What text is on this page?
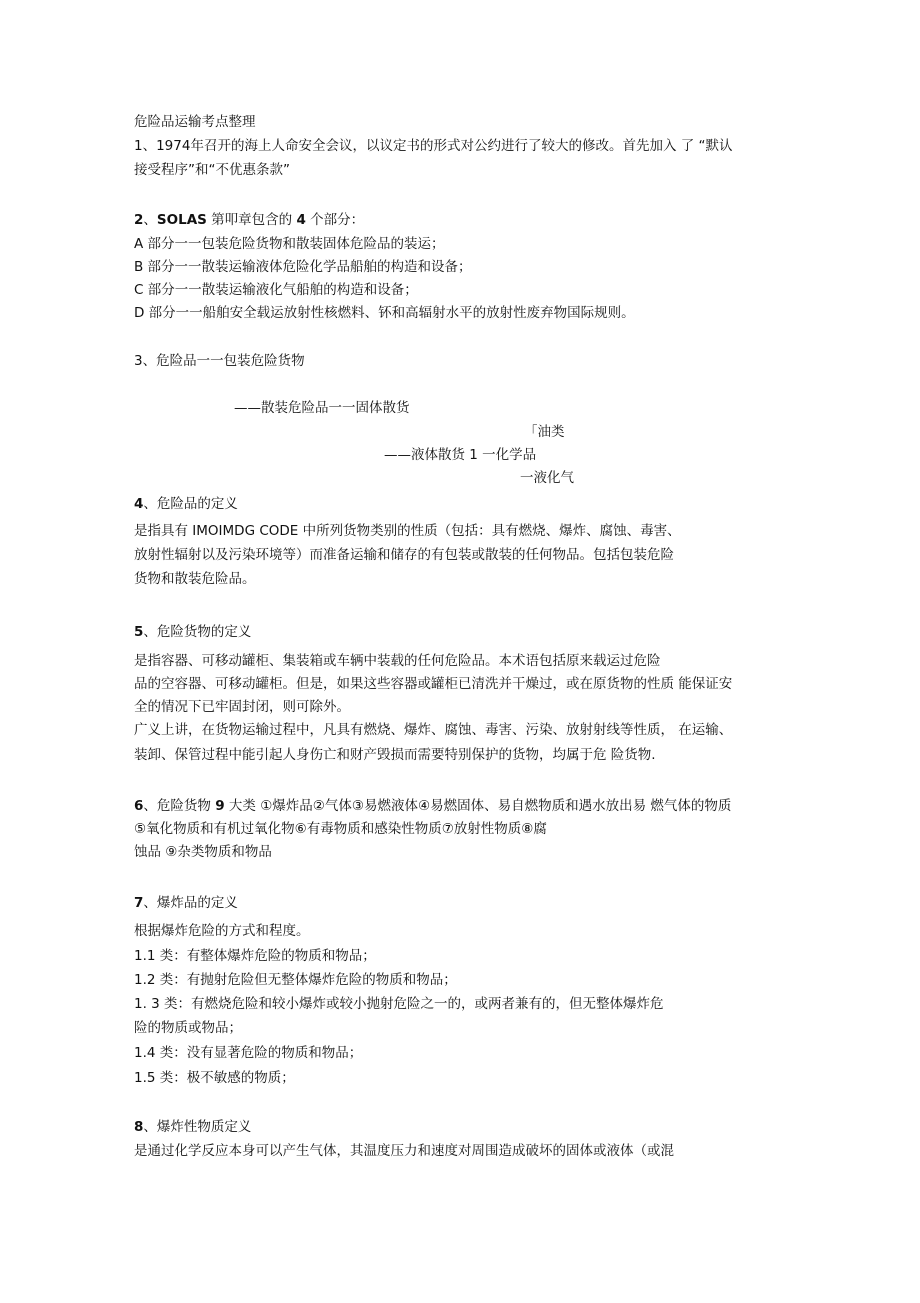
危险品运输考点整理
1、1974年召开的海上人命安全会议，以议定书的形式对公约进行了较大的修改。首先加入 了 “默认
接受程序”和“不优惠条款”
2、SOLAS 第叩章包含的 4 个部分：
A 部分一一包装危险货物和散装固体危险品的装运；
B 部分一一散装运输液体危险化学品船舶的构造和设备；
C 部分一一散装运输液化气船舶的构造和设备；
D 部分一一船舶安全载运放射性核燃料、钚和高辐射水平的放射性废弃物国际规则。
3、危险品一一包装危险货物
——散装危险品一一固体散货
「油类
——液体散货 1 一化学品
一液化气
4、危险品的定义
是指具有 IMOIMDG CODE 中所列货物类别的性质（包括：具有燃烧、爆炸、腐蚀、毒害、
放射性辐射以及污染环境等）而准备运输和储存的有包装或散装的任何物品。包括包装危险
货物和散装危险品。
5、危险货物的定义
是指容器、可移动罐柜、集装箱或车辆中装载的任何危险品。本术语包括原来载运过危险
品的空容器、可移动罐柜。但是，如果这些容器或罐柜已清洗并干燥过，或在原货物的性质 能保证安
全的情况下已牢固封闭，则可除外。
广义上讲，在货物运输过程中，凡具有燃烧、爆炸、腐蚀、毒害、污染、放射射线等性质， 在运输、
装卸、保管过程中能引起人身伤亡和财产毁损而需要特别保护的货物，均属于危 险货物.
6、危险货物 9 大类 ①爆炸品②气体③易燃液体④易燃固体、易自燃物质和遇水放出易 燃气体的物质
⑤氧化物质和有机过氧化物⑥有毒物质和感染性物质⑦放射性物质⑧腐
蚀品 ⑨杂类物质和物品
7、爆炸品的定义
根据爆炸危险的方式和程度。
1.1 类：有整体爆炸危险的物质和物品；
1.2 类：有抛射危险但无整体爆炸危险的物质和物品；
1. 3 类：有燃烧危险和较小爆炸或较小抛射危险之一的，或两者兼有的，但无整体爆炸危
险的物质或物品；
1.4 类：没有显著危险的物质和物品；
1.5 类：极不敏感的物质；
8、爆炸性物质定义
是通过化学反应本身可以产生气体，其温度压力和速度对周围造成破坏的固体或液体（或混
